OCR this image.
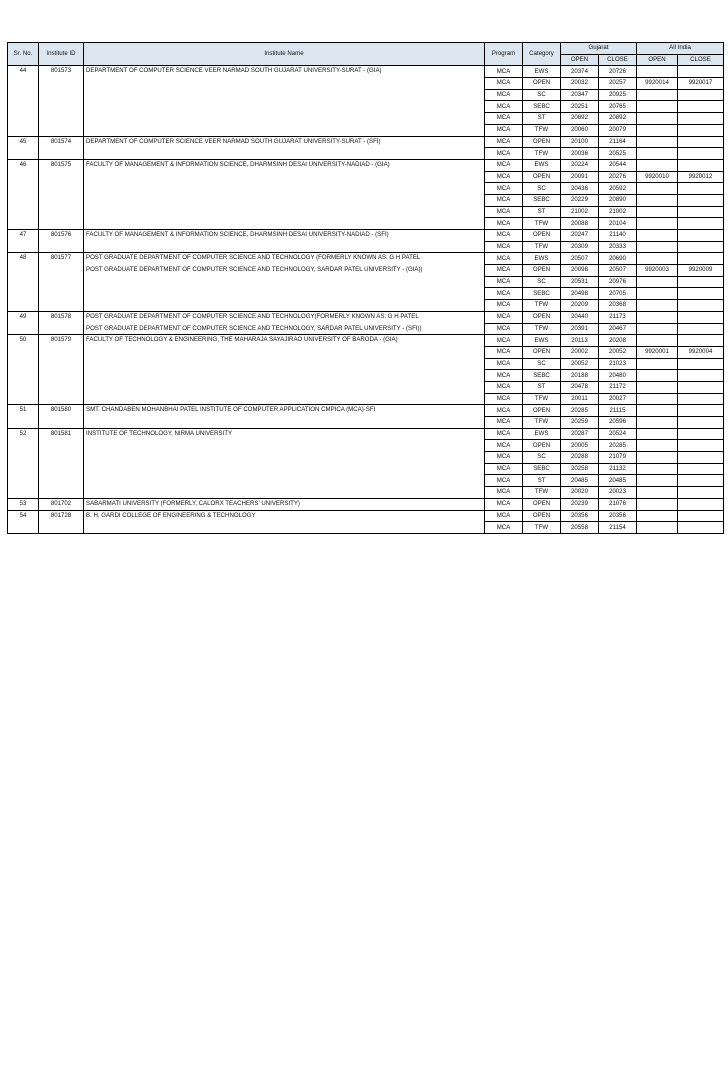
Sr. No.	Institute ID	Institute Name	Program	Category	Gujarat		All India	
					OPEN	CLOSE	OPEN	CLOSE
44	801573	DEPARTMENT OF COMPUTER SCIENCE VEER NARMAD SOUTH GUJARAT UNIVERSITY-SURAT - (GIA)	MCA	EWS	20374	20726		
			MCA	OPEN	20032	20257	9920014	9920017
			MCA	SC	20347	20925		
			MCA	SEBC	20251	20765		
			MCA	ST	20892	20892		
			MCA	TFW	20060	20079		
45	801574	DEPARTMENT OF COMPUTER SCIENCE VEER NARMAD SOUTH GUJARAT UNIVERSITY-SURAT - (SFI)	MCA	OPEN	20100	21164		
			MCA	TFW	20036	20525		
46	801575	FACULTY OF MANAGEMENT & INFORMATION SCIENCE, DHARMSINH DESAI UNIVERSITY-NADIAD - (GIA)	MCA	EWS	20224	20544		
			MCA	OPEN	20091	20276	9920010	9920012
			MCA	SC	20436	20592		
			MCA	SEBC	20229	20890		
			MCA	ST	21002	21002		
			MCA	TFW	20088	20104		
47	801576	FACULTY OF MANAGEMENT & INFORMATION SCIENCE, DHARMSINH DESAI UNIVERSITY-NADIAD - (SFI)	MCA	OPEN	20247	21140		
			MCA	TFW	20309	20333		
48	801577	POST GRADUATE DEPARTMENT OF COMPUTER SCIENCE AND TECHNOLOGY (FORMERLY KNOWN AS: G H PATEL	MCA	EWS	20507	20690		
		POST GRADUATE DEPARTMENT OF COMPUTER SCIENCE AND TECHNOLOGY, SARDAR PATEL UNIVERSITY - (GIA))	MCA	OPEN	20098	20507	9920003	9920009
			MCA	SC	20531	20976		
			MCA	SEBC	20498	20705		
			MCA	TFW	20209	20368		
49	801578	POST GRADUATE DEPARTMENT OF COMPUTER SCIENCE AND TECHNOLOGY(FORMERLY KNOWN AS: G H PATEL	MCA	OPEN	20440	21173		
		POST GRADUATE DEPARTMENT OF COMPUTER SCIENCE AND TECHNOLOGY, SARDAR PATEL UNIVERSITY - (SFI))	MCA	TFW	20391	20467		
50	801579	FACULTY OF TECHNOLOGY & ENGINEERING, THE MAHARAJA SAYAJIRAO UNIVERSITY OF BARODA - (GIA)	MCA	EWS	20113	20208		
			MCA	OPEN	20002	20052	9920001	9920004
			MCA	SC	20052	21023		
			MCA	SEBC	20188	20480		
			MCA	ST	20478	21172		
			MCA	TFW	20011	20027		
51	801580	SMT. CHANDABEN MOHANBHAI PATEL INSTITUTE OF COMPUTER APPLICATION CMPICA (MCA)-SFI	MCA	OPEN	20285	21115		
			MCA	TFW	20259	20596		
52	801581	INSTITUTE OF TECHNOLOGY, NIRMA UNIVERSITY	MCA	EWS	20287	20524		
			MCA	OPEN	20005	20285		
			MCA	SC	20288	21079		
			MCA	SEBC	20258	21132		
			MCA	ST	20485	20485		
			MCA	TFW	20020	20023		
53	801702	SABARMATI UNIVERSITY (FORMERLY, CALORX TEACHERS' UNIVERSITY)	MCA	OPEN	20239	21076		
54	801728	B. H. GARDI COLLEGE OF ENGINEERING & TECHNOLOGY	MCA	OPEN	20356	20356		
			MCA	TFW	20558	21154		
